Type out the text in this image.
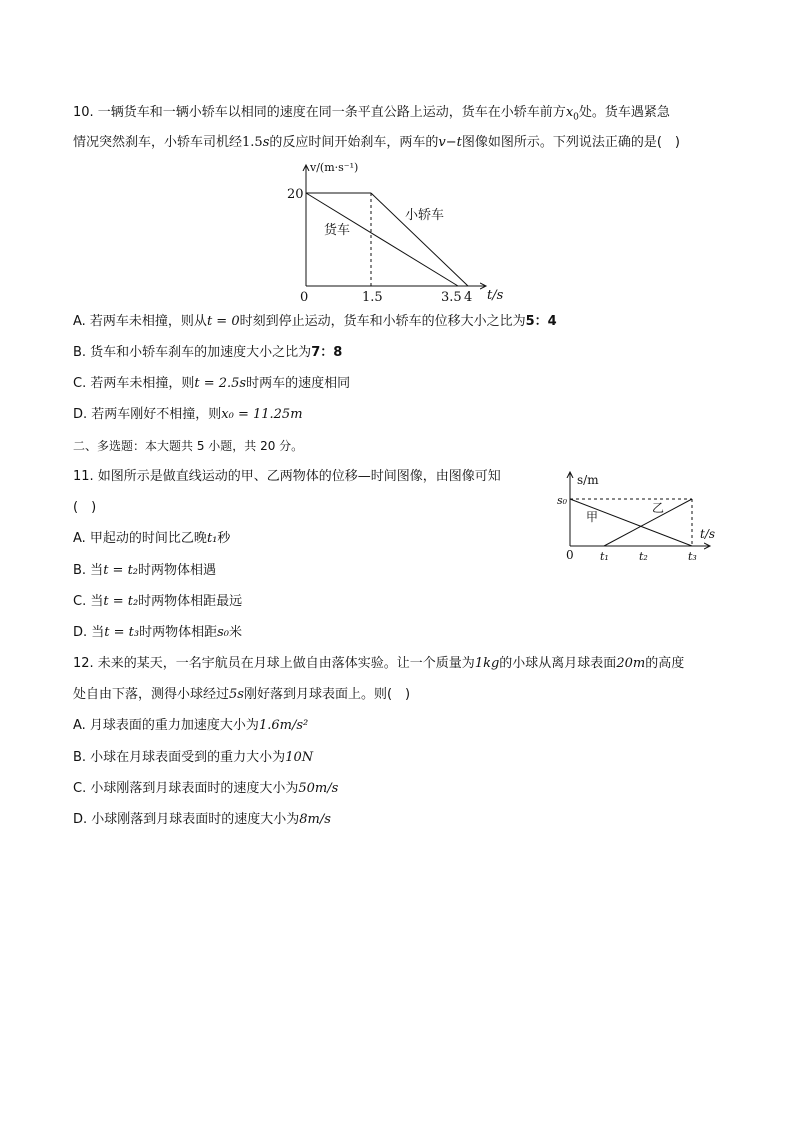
10. 一辆货车和一辆小轿车以相同的速度在同一条平直公路上运动，货车在小轿车前方$x_0$处。货车遇紧急
情况突然刹车，小轿车司机经1.5s的反应时间开始刹车，两车的v−t图像如图所示。下列说法正确的是(　)
v/(m·s⁻¹)
20
小轿车
货车
0	1.5	3.5 4 t/s
A. 若两车未相撞，则从t = 0时刻到停止运动，货车和小轿车的位移大小之比为5：4
B. 货车和小轿车刹车的加速度大小之比为7：8
C. 若两车未相撞，则t = 2.5s时两车的速度相同
D. 若两车刚好不相撞，则x₀ = 11.25m
二、多选题：本大题共 5 小题，共 20 分。
11. 如图所示是做直线运动的甲、乙两物体的位移—时间图像，由图像可知
(　)
A. 甲起动的时间比乙晚t₁秒
B. 当t = t₂时两物体相遇
C. 当t = t₂时两物体相距最远
D. 当t = t₃时两物体相距s₀米
s/m
s₀
甲
乙
t/s
0 t₁	t₂	t₃
12. 未来的某天，一名宇航员在月球上做自由落体实验。让一个质量为1kg的小球从离月球表面20m的高度
处自由下落，测得小球经过5s刚好落到月球表面上。则(　)
A. 月球表面的重力加速度大小为1.6m/s²
B. 小球在月球表面受到的重力大小为10N
C. 小球刚落到月球表面时的速度大小为50m/s
D. 小球刚落到月球表面时的速度大小为8m/s
